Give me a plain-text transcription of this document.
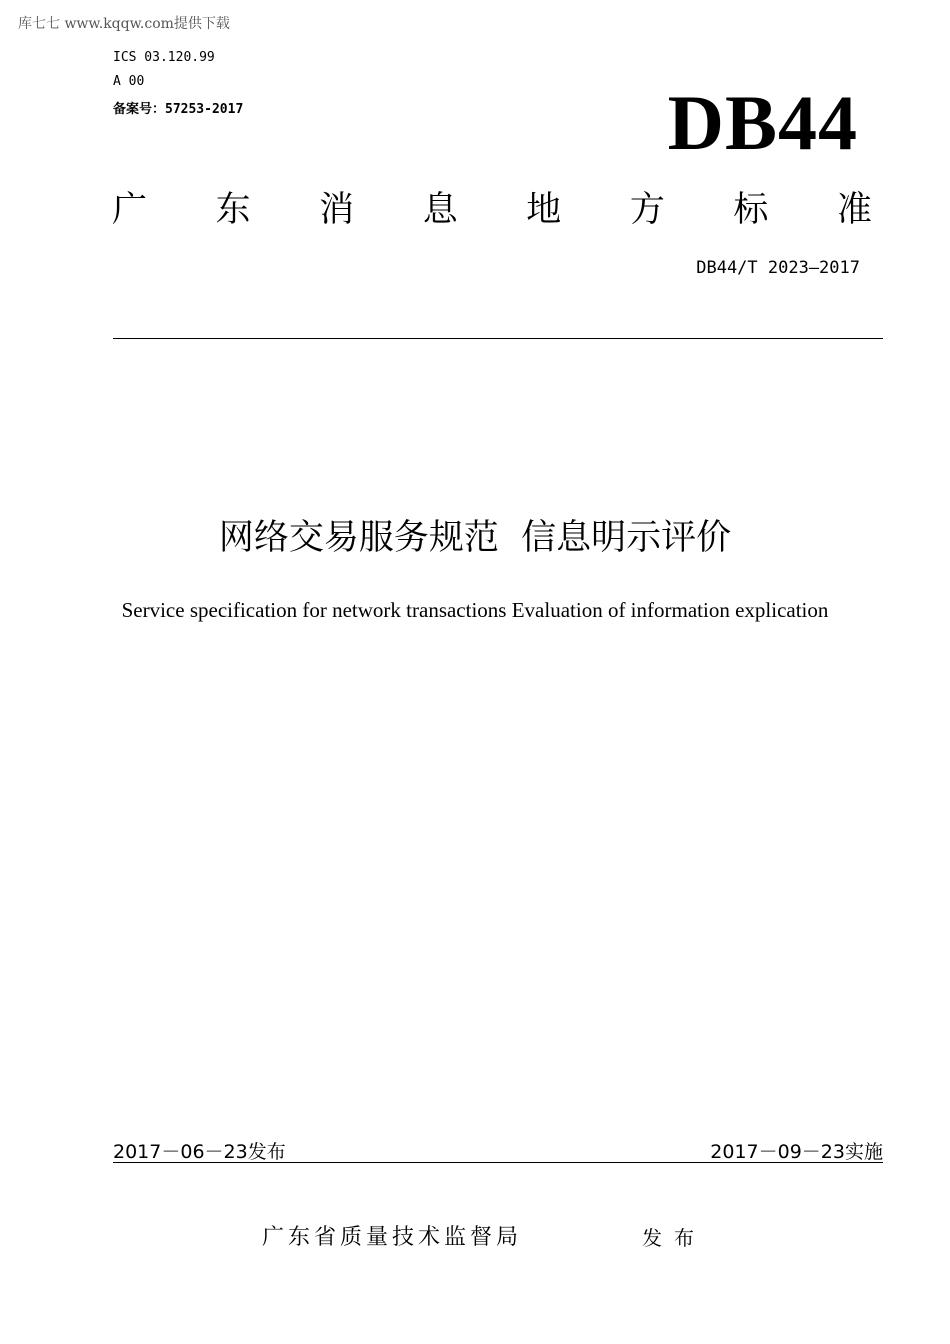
库七七 www.kqqw.com提供下载
ICS 03.120.99
A 00
备案号：57253-2017	DB44
广 东 消 息 地 方 标 准
DB44/T 2023—2017
网络交易服务规范  信息明示评价
Service specification for network transactions Evaluation of information explication
2017－06－23发布	2017－09－23实施
广东省质量技术监督局	发布
